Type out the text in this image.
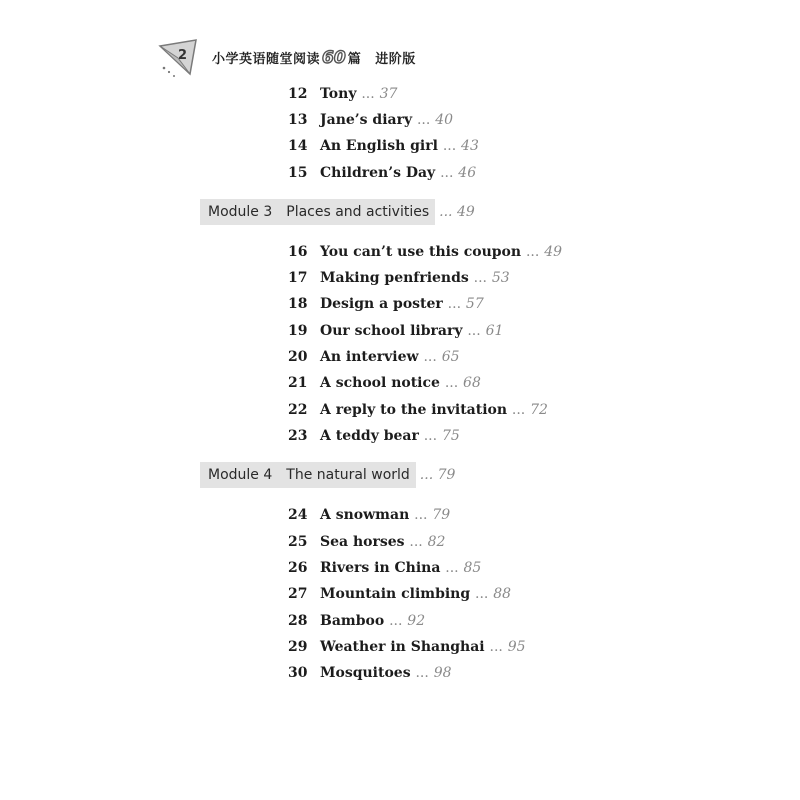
2 小学英语随堂阅读 60 篇 进阶版
12 Tony ... 37
13 Jane’s diary ... 40
14 An English girl ... 43
15 Children’s Day ... 46
Module 3 Places and activities ... 49
16 You can’t use this coupon ... 49
17 Making penfriends ... 53
18 Design a poster ... 57
19 Our school library ... 61
20 An interview ... 65
21 A school notice ... 68
22 A reply to the invitation ... 72
23 A teddy bear ... 75
Module 4 The natural world ... 79
24 A snowman ... 79
25 Sea horses ... 82
26 Rivers in China ... 85
27 Mountain climbing ... 88
28 Bamboo ... 92
29 Weather in Shanghai ... 95
30 Mosquitoes ... 98
